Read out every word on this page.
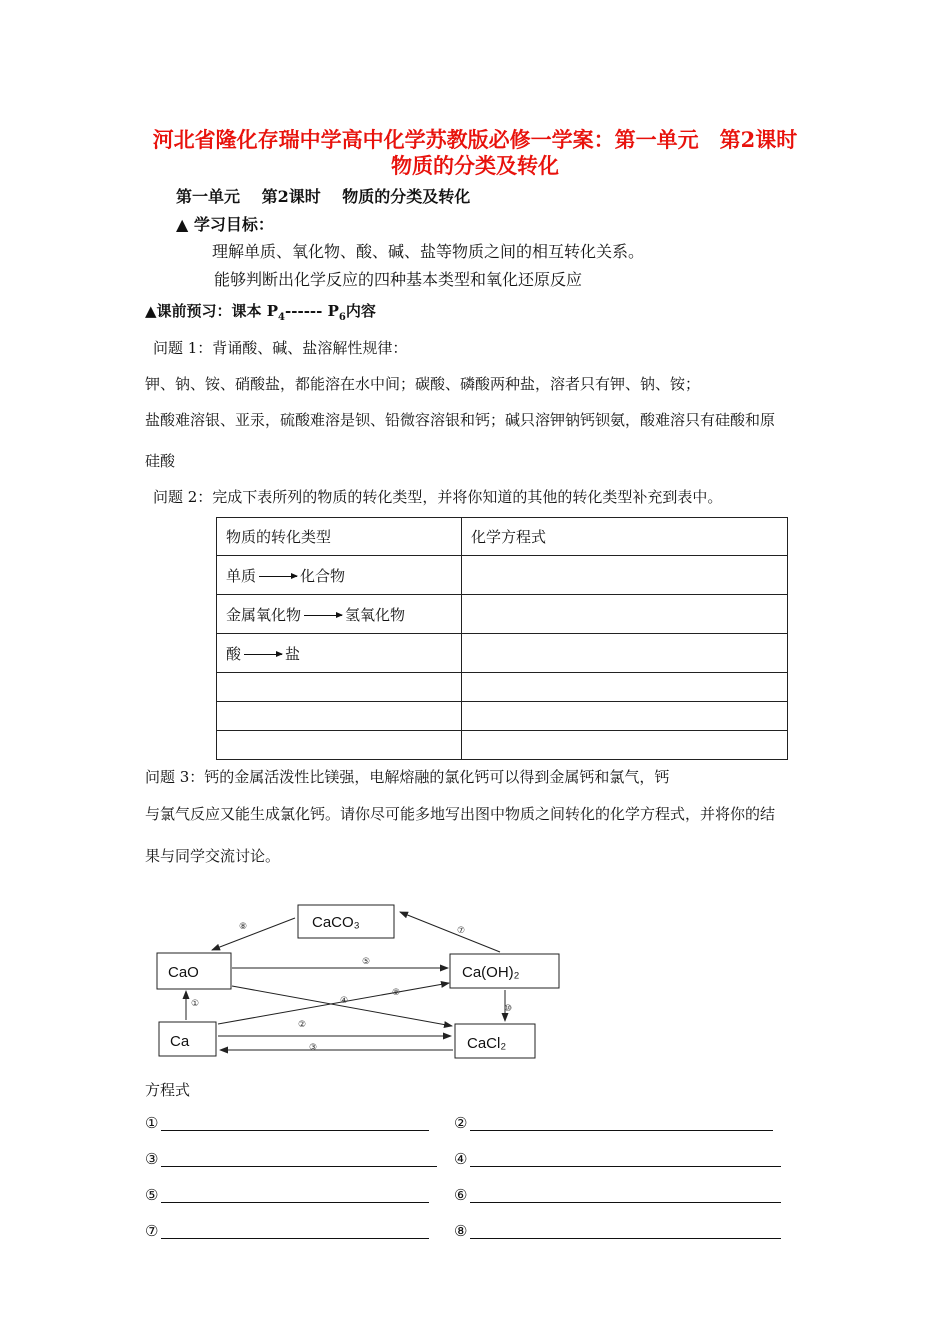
河北省隆化存瑞中学高中化学苏教版必修一学案：第一单元　第2课时
物质的分类及转化
第一单元　 第2课时　 物质的分类及转化
▲ 学习目标：
理解单质、氧化物、酸、碱、盐等物质之间的相互转化关系。
能够判断出化学反应的四种基本类型和氧化还原反应
▲课前预习：课本 $P_4------$ $P_6$内容
问题 1：背诵酸、碱、盐溶解性规律：
钾、钠、铵、硝酸盐，都能溶在水中间；碳酸、磷酸两种盐，溶者只有钾、钠、铵；
盐酸难溶银、亚汞，硫酸难溶是钡、铅微容溶银和钙；碱只溶钾钠钙钡氨，酸难溶只有硅酸和原
硅酸
问题 2：完成下表所列的物质的转化类型，并将你知道的其他的转化类型补充到表中。
物质的转化类型	化学方程式
单质 化合物	
金属氧化物 氢氧化物	
酸 盐	

问题 3：钙的金属活泼性比镁强，电解熔融的氯化钙可以得到金属钙和氯气，钙
与氯气反应又能生成氯化钙。请你尽可能多地写出图中物质之间转化的化学方程式，并将你的结
果与同学交流讨论。
CaCO₃
CaO	Ca(OH)₂
Ca	CaCl₂
⑧	⑦
⑤
①	④
⑨
②
③
⑩
方程式
①	②
③	④
⑤	⑥
⑦	⑧
